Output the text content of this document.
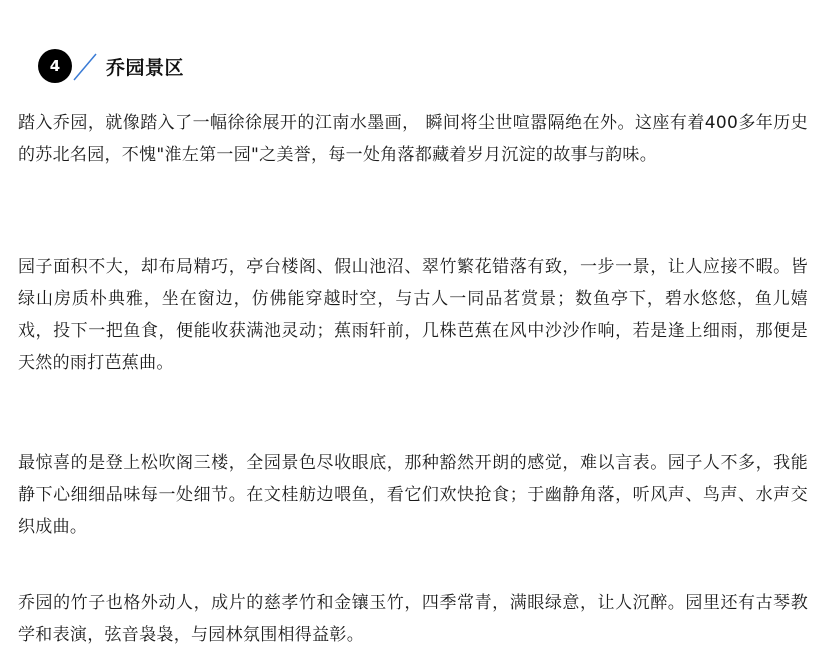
4	乔园景区

踏入乔园，就像踏入了一幅徐徐展开的江南水墨画， 瞬间将尘世喧嚣隔绝在外。这座有着400多年历史的苏北名园，不愧"淮左第一园"之美誉，每一处角落都藏着岁月沉淀的故事与韵味。

园子面积不大，却布局精巧，亭台楼阁、假山池沼、翠竹繁花错落有致，一步一景，让人应接不暇。皆绿山房质朴典雅，坐在窗边，仿佛能穿越时空，与古人一同品茗赏景；数鱼亭下，碧水悠悠，鱼儿嬉戏，投下一把鱼食，便能收获满池灵动；蕉雨轩前，几株芭蕉在风中沙沙作响，若是逢上细雨，那便是天然的雨打芭蕉曲。

最惊喜的是登上松吹阁三楼，全园景色尽收眼底，那种豁然开朗的感觉，难以言表。园子人不多，我能静下心细细品味每一处细节。在文桂舫边喂鱼，看它们欢快抢食；于幽静角落，听风声、鸟声、水声交织成曲。

乔园的竹子也格外动人，成片的慈孝竹和金镶玉竹，四季常青，满眼绿意，让人沉醉。园里还有古琴教学和表演，弦音袅袅，与园林氛围相得益彰。
